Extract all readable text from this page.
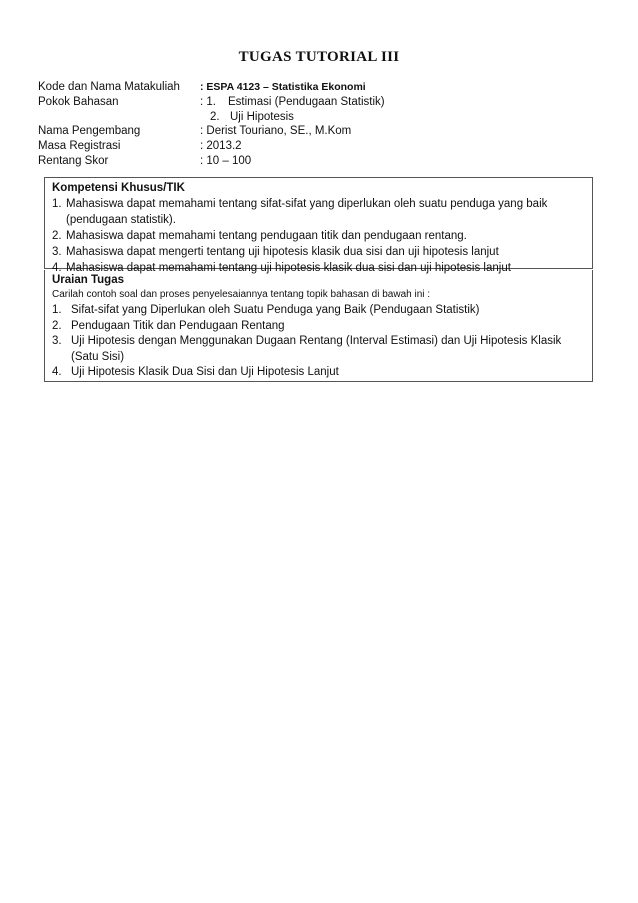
TUGAS TUTORIAL III
Kode dan Nama Matakuliah	: ESPA 4123 – Statistika Ekonomi
Pokok Bahasan	: 1.	Estimasi (Pendugaan Statistik)
2. Uji Hipotesis
Nama Pengembang	: Derist Touriano, SE., M.Kom
Masa Registrasi	: 2013.2
Rentang Skor	: 10 – 100
Kompetensi Khusus/TIK
1. Mahasiswa dapat memahami tentang sifat-sifat yang diperlukan oleh suatu penduga yang baik
(pendugaan statistik).
2. Mahasiswa dapat memahami tentang pendugaan titik dan pendugaan rentang.
3. Mahasiswa dapat mengerti tentang uji hipotesis klasik dua sisi dan uji hipotesis lanjut
4. Mahasiswa dapat memahami tentang uji hipotesis klasik dua sisi dan uji hipotesis lanjut
Uraian Tugas
Carilah contoh soal dan proses penyelesaiannya tentang topik bahasan di bawah ini :
1. Sifat-sifat yang Diperlukan oleh Suatu Penduga yang Baik (Pendugaan Statistik)
2. Pendugaan Titik dan Pendugaan Rentang
3. Uji Hipotesis dengan Menggunakan Dugaan Rentang (Interval Estimasi) dan Uji Hipotesis Klasik
(Satu Sisi)
4. Uji Hipotesis Klasik Dua Sisi dan Uji Hipotesis Lanjut
